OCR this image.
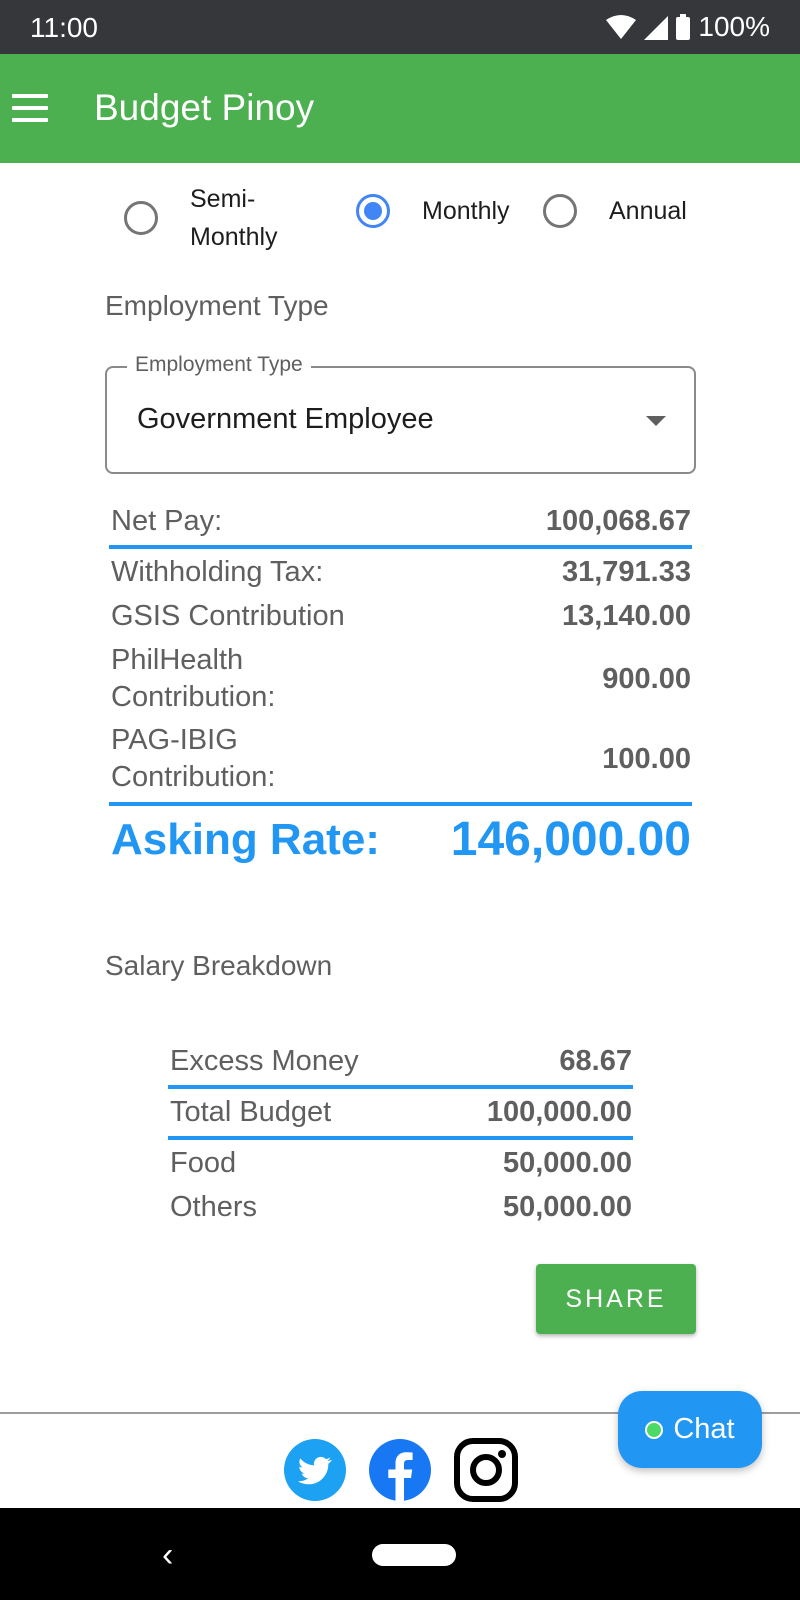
11:00	100%
Budget Pinoy
Semi-
Monthly
Monthly	Annual
Employment Type
Employment Type
Government Employee
Net Pay:	100,068.67
Withholding Tax:	31,791.33
GSIS Contribution	13,140.00
PhilHealth
Contribution:
900.00
PAG-IBIG
Contribution:
100.00
Asking Rate: 146,000.00
Salary Breakdown
Excess Money	68.67
Total Budget	100,000.00
Food	50,000.00
Others	50,000.00
SHARE
Chat
‹
